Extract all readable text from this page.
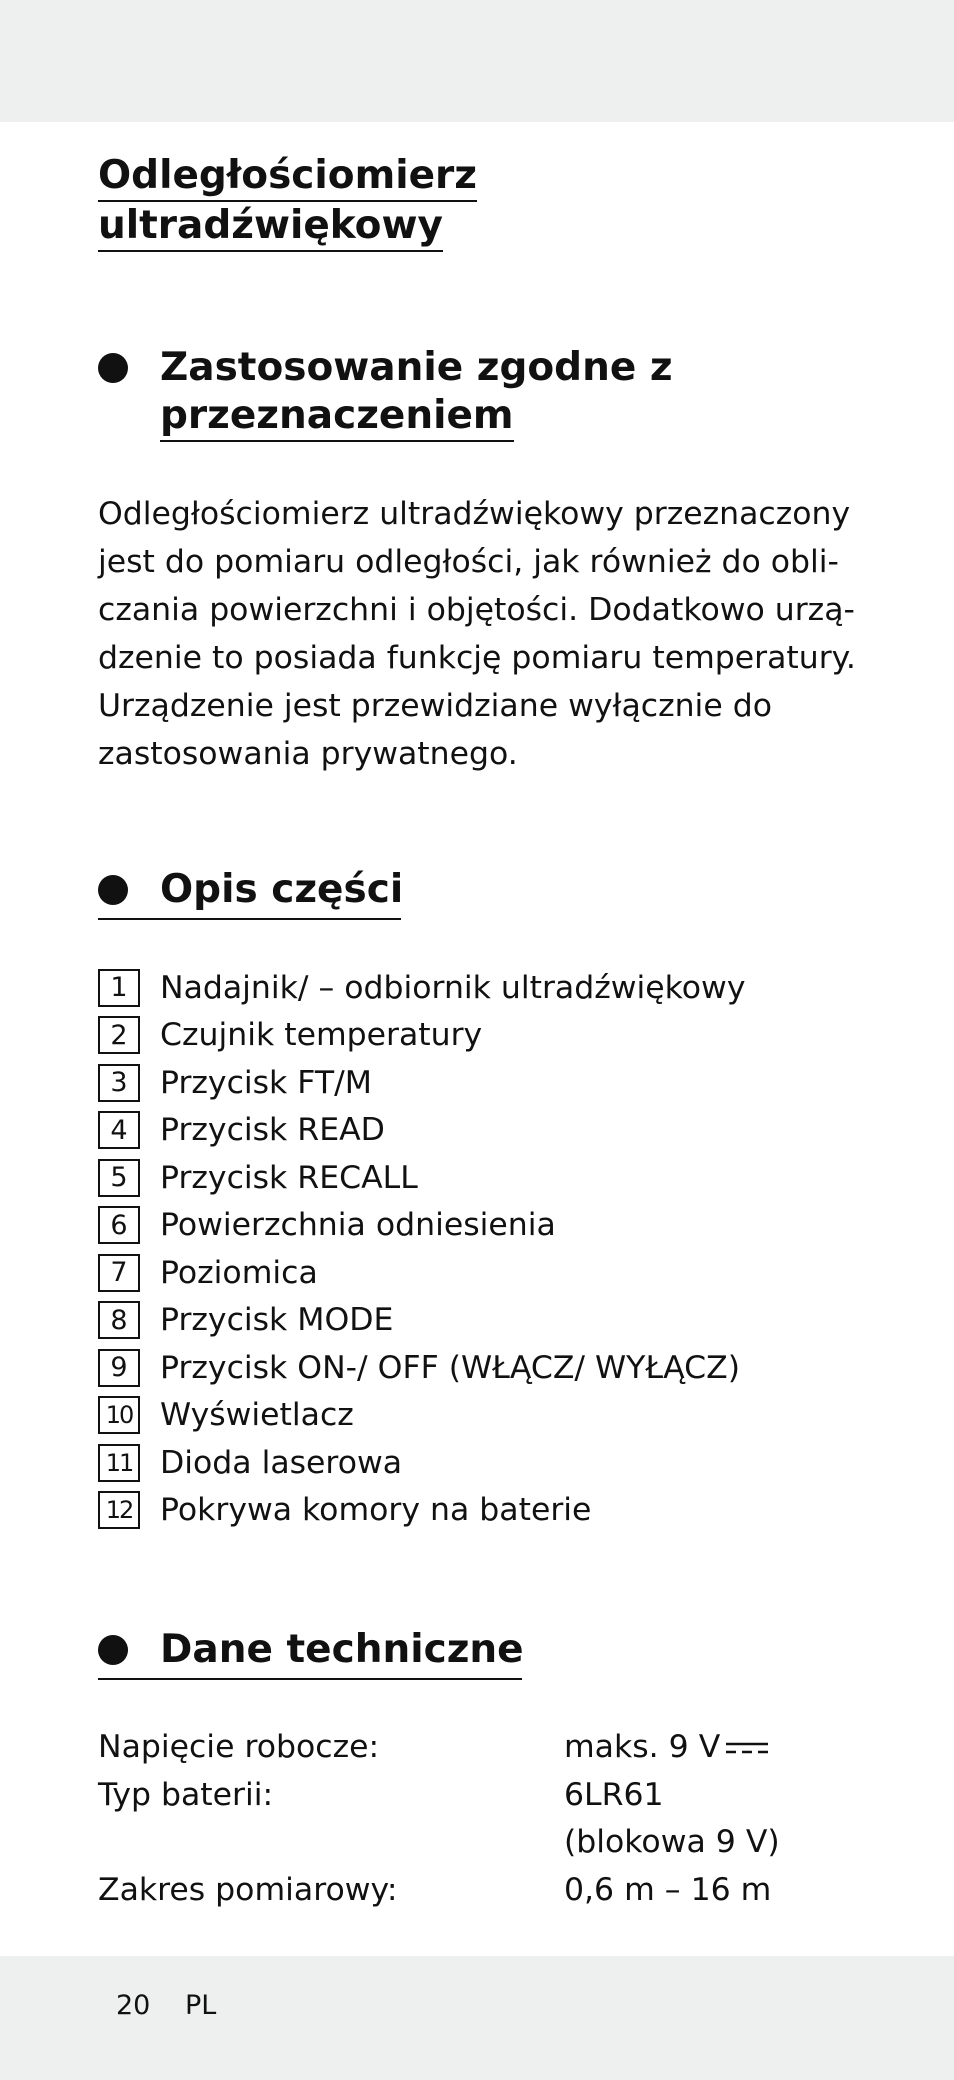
Odległościomierz
ultradźwiękowy
Zastosowanie zgodne z
przeznaczeniem

Odległościomierz ultradźwiękowy przeznaczony
jest do pomiaru odległości, jak również do obli-
czania powierzchni i objętości. Dodatkowo urzą-
dzenie to posiada funkcję pomiaru temperatury.
Urządzenie jest przewidziane wyłącznie do
zastosowania prywatnego.

Opis części
1	Nadajnik/ – odbiornik ultradźwiękowy
2	Czujnik temperatury
3	Przycisk FT/M
4	Przycisk READ
5	Przycisk RECALL
6	Powierzchnia odniesienia
7	Poziomica
8	Przycisk MODE
9	Przycisk ON-/ OFF (WŁĄCZ/ WYŁĄCZ)
10 Wyświetlacz
11 Dioda laserowa
12 Pokrywa komory na baterie
Dane techniczne
Napięcie robocze:	maks. 9 V
Typ baterii:	6LR61
(blokowa 9 V)
Zakres pomiarowy:	0,6 m – 16 m
20 PL
